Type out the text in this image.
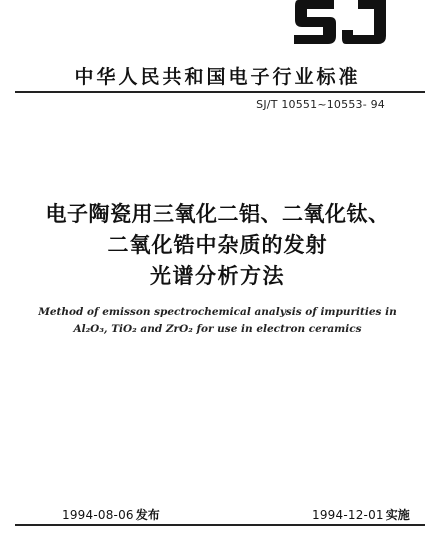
中华人民共和国电子行业标准
SJ/T 10551~10553- 94
电子陶瓷用三氧化二铝、二氧化钛、
二氧化锆中杂质的发射
光谱分析方法
Method of emisson spectrochemical analysis of impurities in
Al₂O₃, TiO₂ and ZrO₂ for use in electron ceramics
1994-08-06 发布	1994-12-01 实施
